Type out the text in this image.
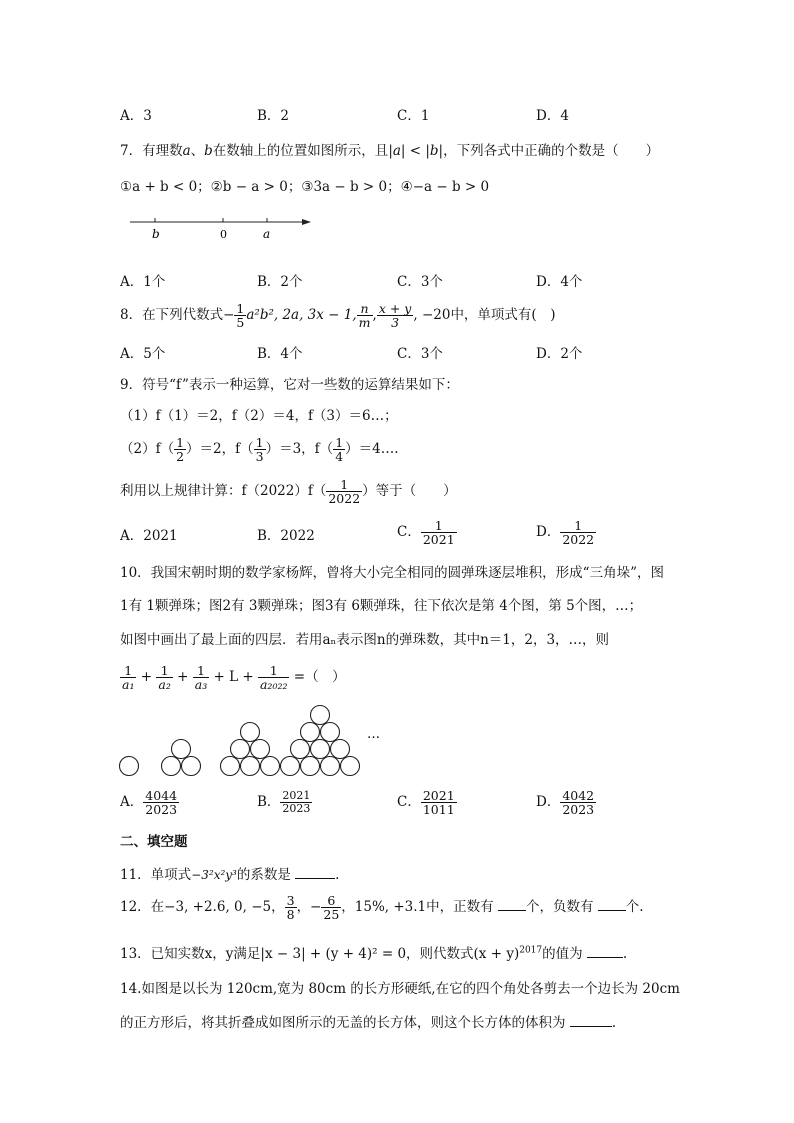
A．3	B．2	C．1	D．4
7．有理数a、b在数轴上的位置如图所示，且|a| < |b|，下列各式中正确的个数是（　　）
①a + b < 0；②b − a > 0；③3a − b > 0；④−a − b > 0
b	0	a
A．1个	B．2个	C．3个	D．4个
8．在下列代数式− $\frac{1}{5} a^2b^2$, 2a, 3x − 1, $\frac{n}{m}$ , $\frac{x + y}{3}$ , −20中，单项式有(　)
A．5个	B．4个	C．3个	D．2个
9．符号“f”表示一种运算，它对一些数的运算结果如下：
（1）f（1）＝2，f（2）＝4，f（3）＝6…；
$(2)f( \frac{1}{2} )=2$，$f( \frac{1}{3} )=3$，$f( \frac{1}{4}$ ）＝4….
利用以上规律计算：$f(2022)f( \frac{1}{2022}$ ）等于（　　）
A．2021	B．2022	C． $\frac{1}{2021}$	D． $\frac{1}{2022}$
10．我国宋朝时期的数学家杨辉，曾将大小完全相同的圆弹珠逐层堆积，形成“三角垛”，图
1有 1颗弹珠；图2有 3颗弹珠；图3有 6颗弹珠，往下依次是第 4个图，第 5个图，…；
如图中画出了最上面的四层．若用aₙ表示图n的弹珠数，其中n＝1，2，3，…，则
$\frac{1}{\text{a₁}} + \frac{1}{\text{a₂}} + \frac{1}{\text{a₃}} + L + \frac{1}{\text{a₂₀₂₂}}$ =（　）
…
A． $\frac{4044}{2023}$	B． $\frac{2021}{2023}$	C． $\frac{2021}{1011}$	D． $\frac{4042}{2023}$
二、填空题
11．单项式−3²x²y³的系数是	.
12．在−3, +2.6, 0, −5， $\frac{3}{8}$ ，− $\frac{6}{25}$ ，15%, +3.1中，正数有 个，负数有 个.
13．已知实数x，y满足|x − 3| + (y + 4)² = 0，则代数式$(x + y)^{2017}$的值为	.
14.如图是以长为 120cm,宽为 80cm 的长方形硬纸,在它的四个角处各剪去一个边长为 20cm
的正方形后，将其折叠成如图所示的无盖的长方体，则这个长方体的体积为	.
